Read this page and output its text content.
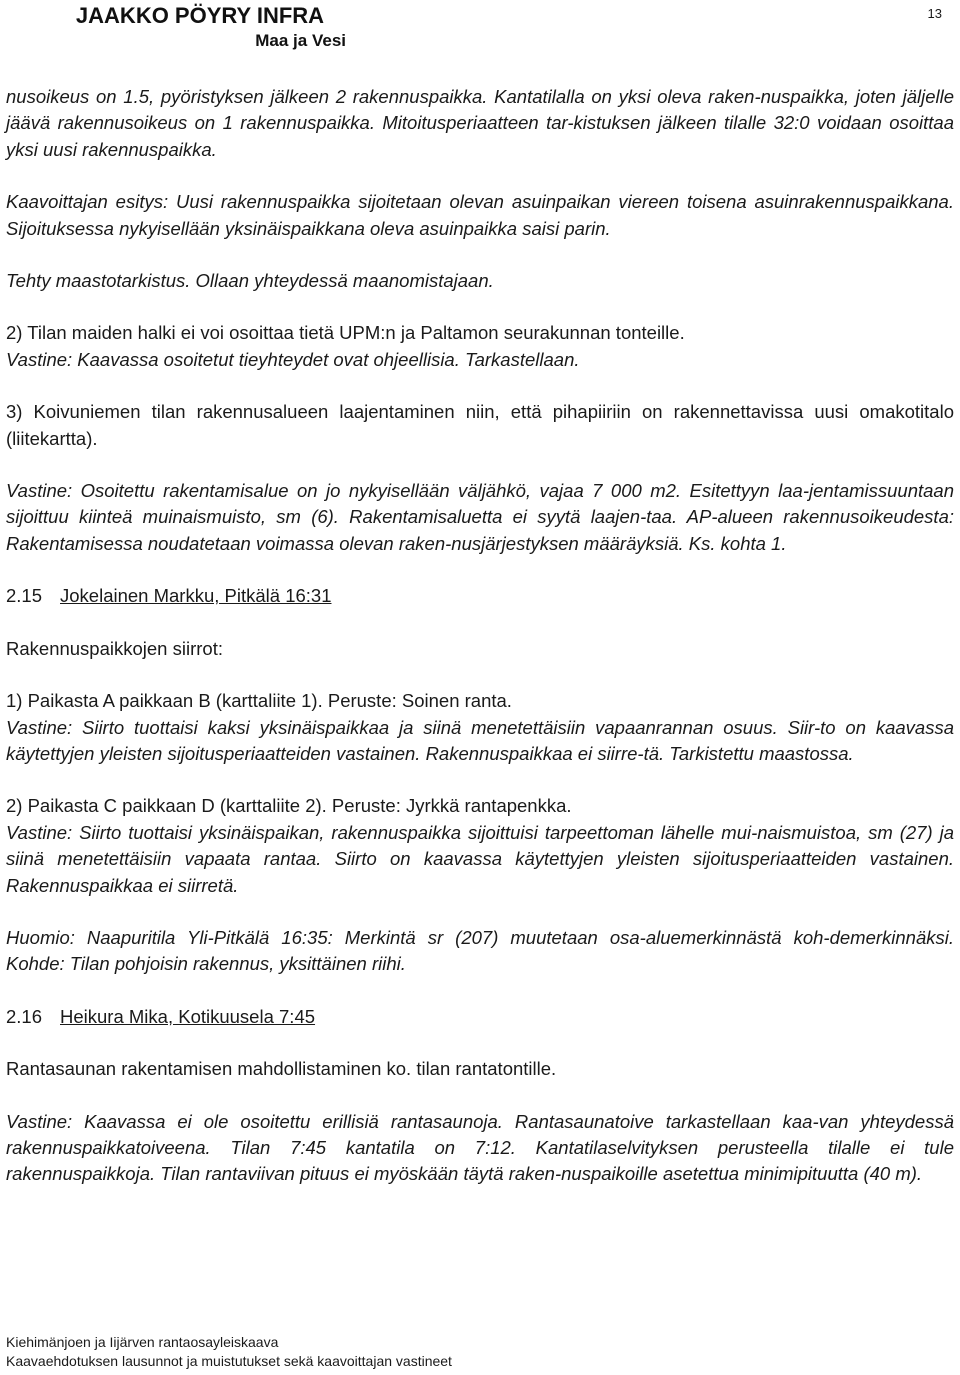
JAAKKO PÖYRY INFRA
Maa ja Vesi
13

nusoikeus on 1.5, pyöristyksen jälkeen 2 rakennuspaikka. Kantatilalla on yksi oleva raken-nuspaikka, joten jäljelle jäävä rakennusoikeus on 1 rakennuspaikka. Mitoitusperiaatteen tar-kistuksen jälkeen tilalle 32:0 voidaan osoittaa yksi uusi rakennuspaikka.

Kaavoittajan esitys: Uusi rakennuspaikka sijoitetaan olevan asuinpaikan viereen toisena asuinrakennuspaikkana. Sijoituksessa nykyisellään yksinäispaikkana oleva asuinpaikka saisi parin.

Tehty maastotarkistus. Ollaan yhteydessä maanomistajaan.

2) Tilan maiden halki ei voi osoittaa tietä UPM:n ja Paltamon seurakunnan tonteille.

Vastine: Kaavassa osoitetut tieyhteydet ovat ohjeellisia. Tarkastellaan.

3) Koivuniemen tilan rakennusalueen laajentaminen niin, että pihapiiriin on rakennettavissa uusi omakotitalo (liitekartta).

Vastine: Osoitettu rakentamisalue on jo nykyisellään väljähkö, vajaa 7 000 m2. Esitettyyn laa-jentamissuuntaan sijoittuu kiinteä muinaismuisto, sm (6). Rakentamisaluetta ei syytä laajen-taa. AP-alueen rakennusoikeudesta: Rakentamisessa noudatetaan voimassa olevan raken-nusjärjestyksen määräyksiä. Ks. kohta 1.

2.15 Jokelainen Markku, Pitkälä 16:31

Rakennuspaikkojen siirrot:

1) Paikasta A paikkaan B (karttaliite 1). Peruste: Soinen ranta.

Vastine: Siirto tuottaisi kaksi yksinäispaikkaa ja siinä menetettäisiin vapaanrannan osuus. Siir-to on kaavassa käytettyjen yleisten sijoitusperiaatteiden vastainen. Rakennuspaikkaa ei siirre-tä. Tarkistettu maastossa.

2) Paikasta C paikkaan D (karttaliite 2). Peruste: Jyrkkä rantapenkka.

Vastine: Siirto tuottaisi yksinäispaikan, rakennuspaikka sijoittuisi tarpeettoman lähelle mui-naismuistoa, sm (27) ja siinä menetettäisiin vapaata rantaa. Siirto on kaavassa käytettyjen yleisten sijoitusperiaatteiden vastainen. Rakennuspaikkaa ei siirretä.

Huomio: Naapuritila Yli-Pitkälä 16:35: Merkintä sr (207) muutetaan osa-aluemerkinnästä koh-demerkinnäksi. Kohde: Tilan pohjoisin rakennus, yksittäinen riihi.

2.16 Heikura Mika, Kotikuusela 7:45

Rantasaunan rakentamisen mahdollistaminen ko. tilan rantatontille.

Vastine: Kaavassa ei ole osoitettu erillisiä rantasaunoja. Rantasaunatoive tarkastellaan kaa-van yhteydessä rakennuspaikkatoiveena. Tilan 7:45 kantatila on 7:12. Kantatilaselvityksen perusteella tilalle ei tule rakennuspaikkoja. Tilan rantaviivan pituus ei myöskään täytä raken-nuspaikoille asetettua minimipituutta (40 m).

Kiehimänjoen ja Iijärven rantaosayleiskaava
Kaavaehdotuksen lausunnot ja muistutukset sekä kaavoittajan vastineet
